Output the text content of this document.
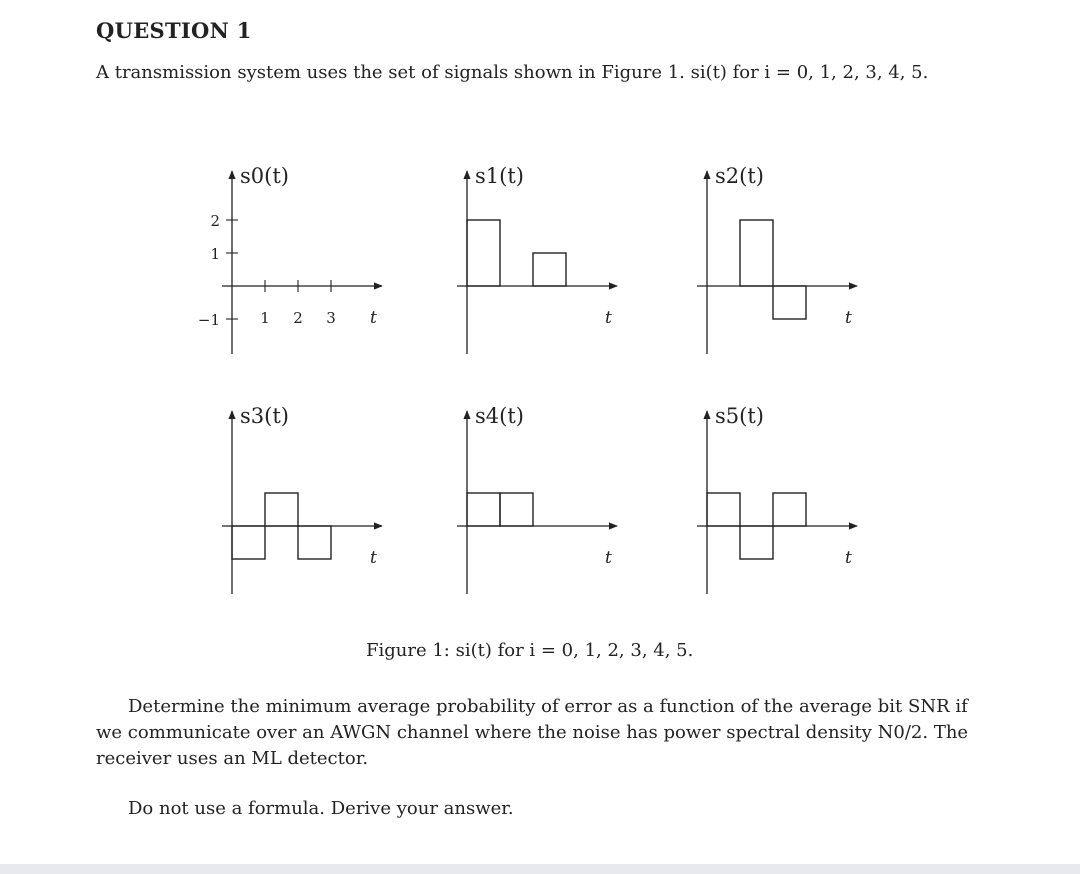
QUESTION 1
A transmission system uses the set of signals shown in Figure 1. si(t) for i = 0, 1, 2, 3, 4, 5.
s0(t)
t
2
1
−1	1 2 3
s1(t)
t
s2(t)
t
s3(t)
t
s4(t)
t
s5(t)
t
Figure 1: si(t) for i = 0, 1, 2, 3, 4, 5.
Determine the minimum average probability of error as a function of the average bit SNR if we communicate over an AWGN channel where the noise has power spectral density N0/2. The receiver uses an ML detector.
Do not use a formula. Derive your answer.
